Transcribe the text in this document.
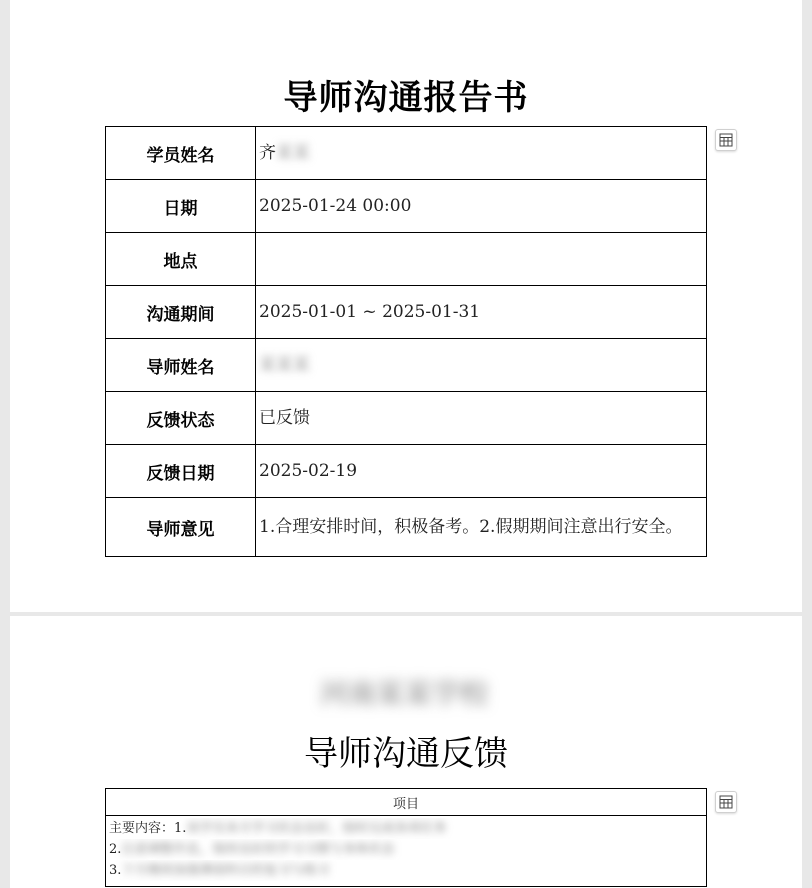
导师沟通报告书
学员姓名	齐某某
日期	2025-01-24 00:00
地点	
沟通期间	2025-01-01 ~ 2025-01-31
导师姓名	某某某
反馈状态	已反馈
反馈日期	2025-02-19
导师意见	1.合理安排时间，积极备考。2.假期期间注意出行安全。
河南某某学校
导师沟通反馈
项目

主要内容：1.该学员本月学习状态良好，按时完成各项任务
2.注意调整作息，保持良好的学习习惯与身体状态
3.下月继续加强薄弱科目的复习与练习
